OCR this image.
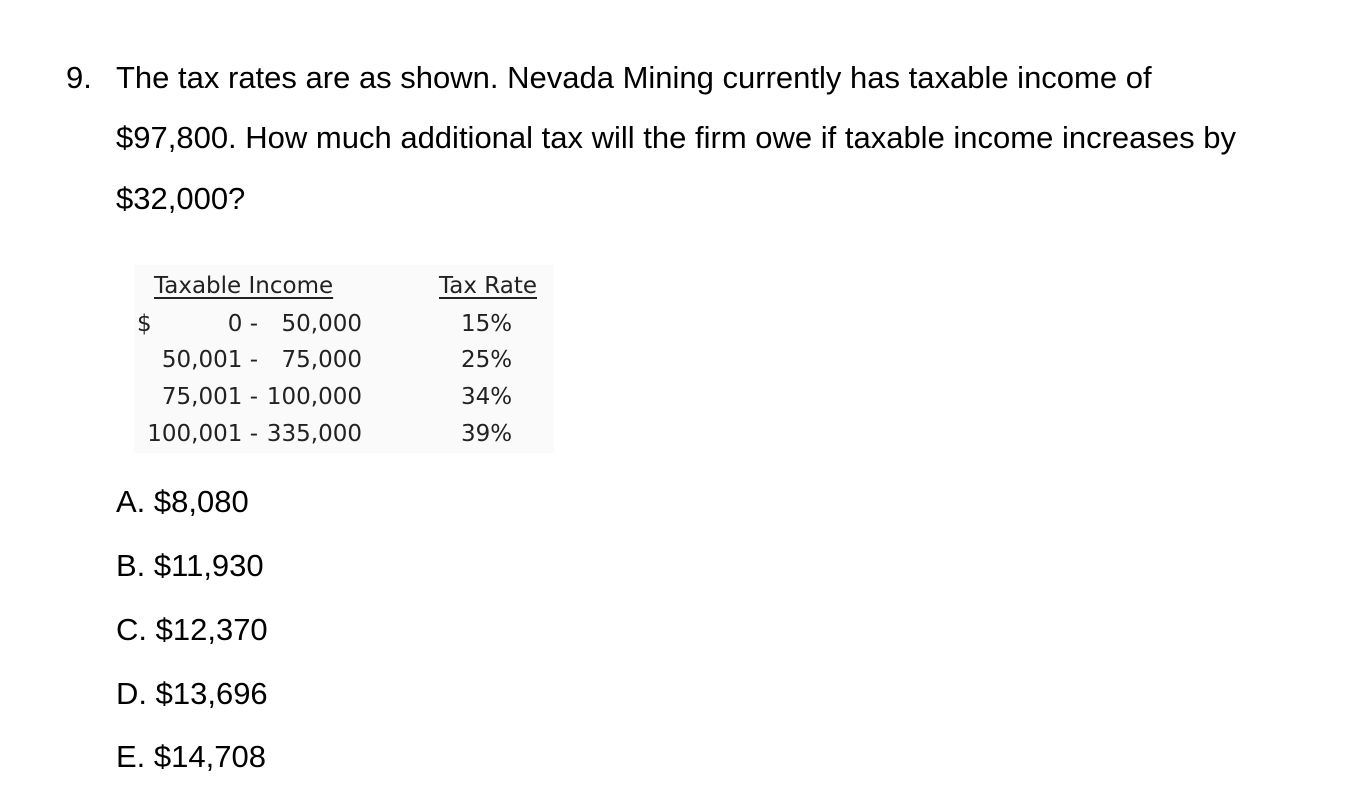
9. The tax rates are as shown. Nevada Mining currently has taxable income of
$97,800. How much additional tax will the firm owe if taxable income increases by
$32,000?
Taxable Income	Tax Rate
$	0 - 50,000	15%
50,001 - 75,000	25%
75,001 - 100,000	34%
100,001 - 335,000	39%
A. $8,080
B. $11,930
C. $12,370
D. $13,696
E. $14,708
